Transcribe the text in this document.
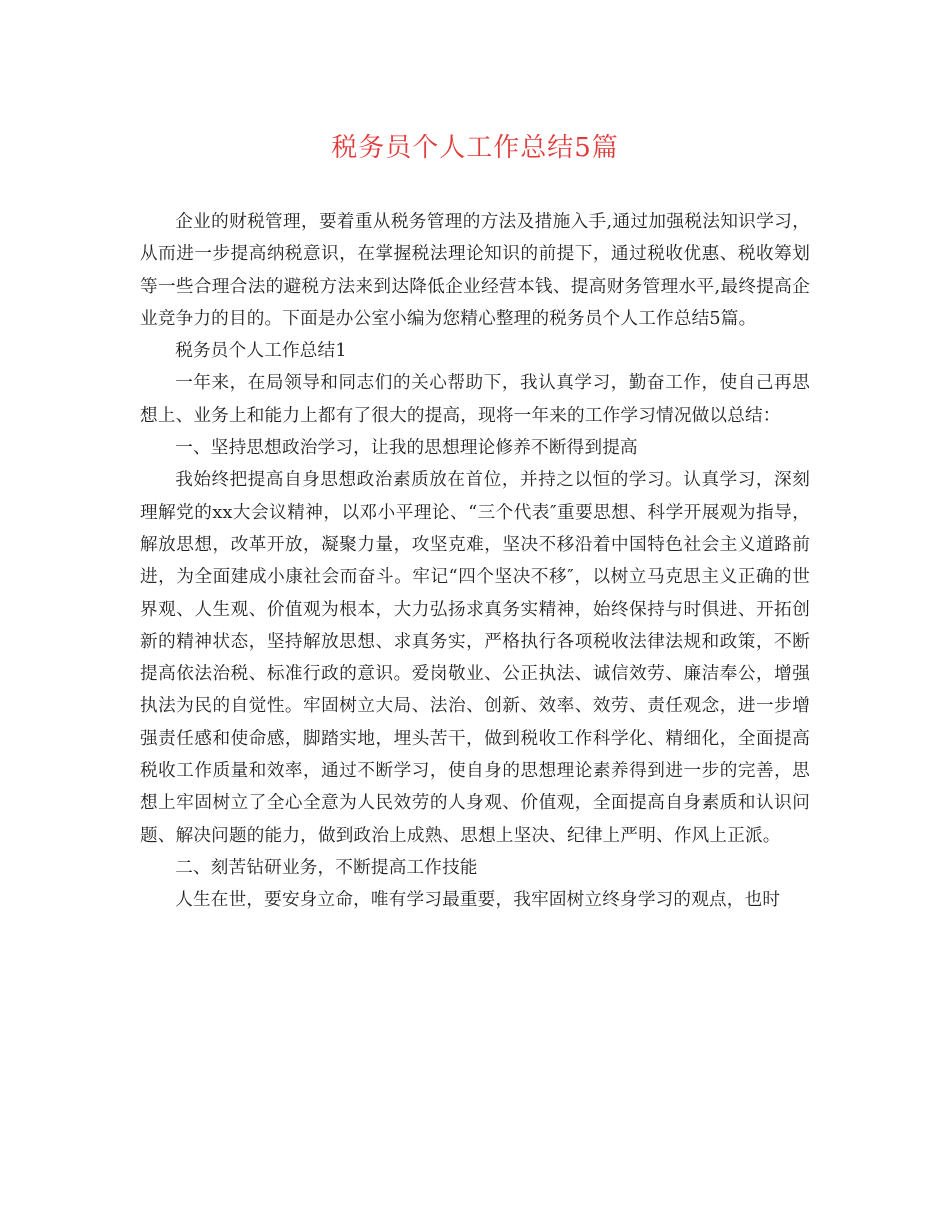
税务员个人工作总结5篇

企业的财税管理，要着重从税务管理的方法及措施入手,通过加强税法知识学习，从而进一步提高纳税意识，在掌握税法理论知识的前提下，通过税收优惠、税收筹划等一些合理合法的避税方法来到达降低企业经营本钱、提高财务管理水平,最终提高企业竞争力的目的。下面是办公室小编为您精心整理的税务员个人工作总结5篇。

税务员个人工作总结1

一年来，在局领导和同志们的关心帮助下，我认真学习，勤奋工作，使自己再思想上、业务上和能力上都有了很大的提高，现将一年来的工作学习情况做以总结：

一、坚持思想政治学习，让我的思想理论修养不断得到提高

我始终把提高自身思想政治素质放在首位，并持之以恒的学习。认真学习，深刻理解党的xx大会议精神，以邓小平理论、“三个代表″重要思想、科学开展观为指导，解放思想，改革开放，凝聚力量，攻坚克难，坚决不移沿着中国特色社会主义道路前进，为全面建成小康社会而奋斗。牢记“四个坚决不移″，以树立马克思主义正确的世界观、人生观、价值观为根本，大力弘扬求真务实精神，始终保持与时俱进、开拓创新的精神状态，坚持解放思想、求真务实，严格执行各项税收法律法规和政策，不断提高依法治税、标准行政的意识。爱岗敬业、公正执法、诚信效劳、廉洁奉公，增强执法为民的自觉性。牢固树立大局、法治、创新、效率、效劳、责任观念，进一步增强责任感和使命感，脚踏实地，埋头苦干，做到税收工作科学化、精细化，全面提高税收工作质量和效率，通过不断学习，使自身的思想理论素养得到进一步的完善，思想上牢固树立了全心全意为人民效劳的人身观、价值观，全面提高自身素质和认识问题、解决问题的能力，做到政治上成熟、思想上坚决、纪律上严明、作风上正派。

二、刻苦钻研业务，不断提高工作技能

人生在世，要安身立命，唯有学习最重要，我牢固树立终身学习的观点，也时
